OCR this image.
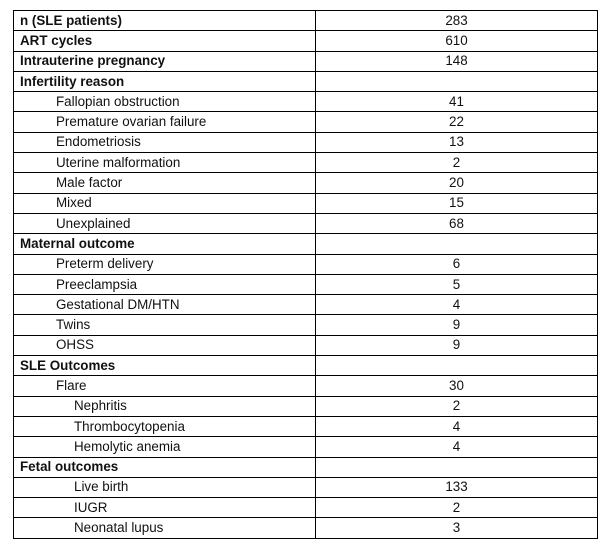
n (SLE patients)	283
ART cycles	610
Intrauterine pregnancy	148
Infertility reason	
Fallopian obstruction	41
Premature ovarian failure	22
Endometriosis	13
Uterine malformation	2
Male factor	20
Mixed	15
Unexplained	68
Maternal outcome	
Preterm delivery	6
Preeclampsia	5
Gestational DM/HTN	4
Twins	9
OHSS	9
SLE Outcomes	
Flare	30
Nephritis	2
Thrombocytopenia	4
Hemolytic anemia	4
Fetal outcomes	
Live birth	133
IUGR	2
Neonatal lupus	3
